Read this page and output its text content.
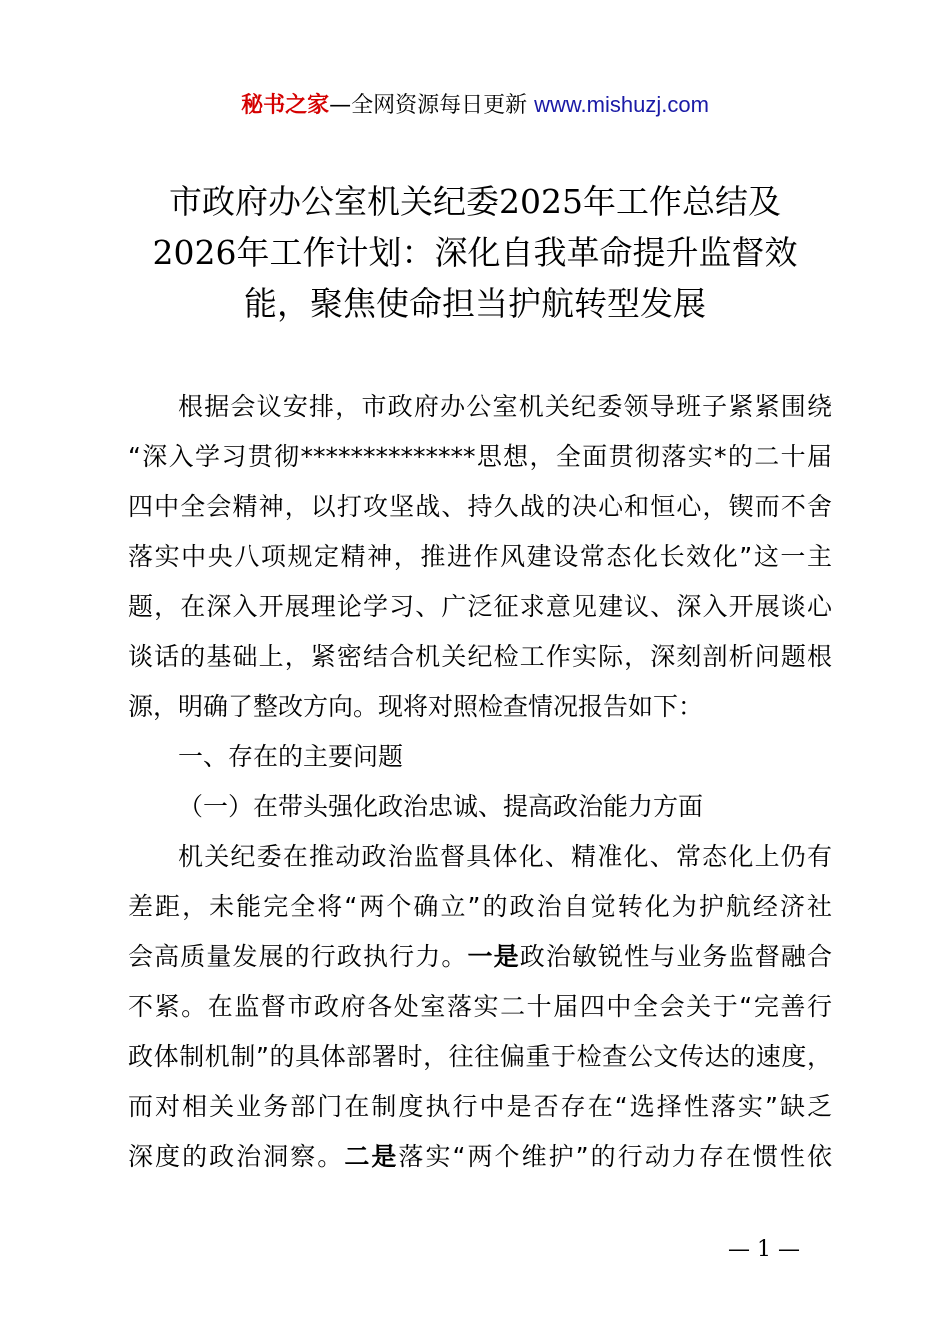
秘书之家—全网资源每日更新 www.mishuzj.com
市政府办公室机关纪委2025年工作总结及
2026年工作计划：深化自我革命提升监督效
能，聚焦使命担当护航转型发展
根据会议安排，市政府办公室机关纪委领导班子紧紧围绕
“深入学习贯彻**************思想，全面贯彻落实*的二十届
四中全会精神，以打攻坚战、持久战的决心和恒心，锲而不舍
落实中央八项规定精神，推进作风建设常态化长效化”这一主
题，在深入开展理论学习、广泛征求意见建议、深入开展谈心
谈话的基础上，紧密结合机关纪检工作实际，深刻剖析问题根
源，明确了整改方向。现将对照检查情况报告如下：
一、存在的主要问题
（一）在带头强化政治忠诚、提高政治能力方面
机关纪委在推动政治监督具体化、精准化、常态化上仍有
差距，未能完全将“两个确立”的政治自觉转化为护航经济社
会高质量发展的行政执行力。一是政治敏锐性与业务监督融合
不紧。在监督市政府各处室落实二十届四中全会关于“完善行
政体制机制”的具体部署时，往往偏重于检查公文传达的速度，
而对相关业务部门在制度执行中是否存在“选择性落实”缺乏
深度的政治洞察。二是落实“两个维护”的行动力存在惯性依
— 1 —
